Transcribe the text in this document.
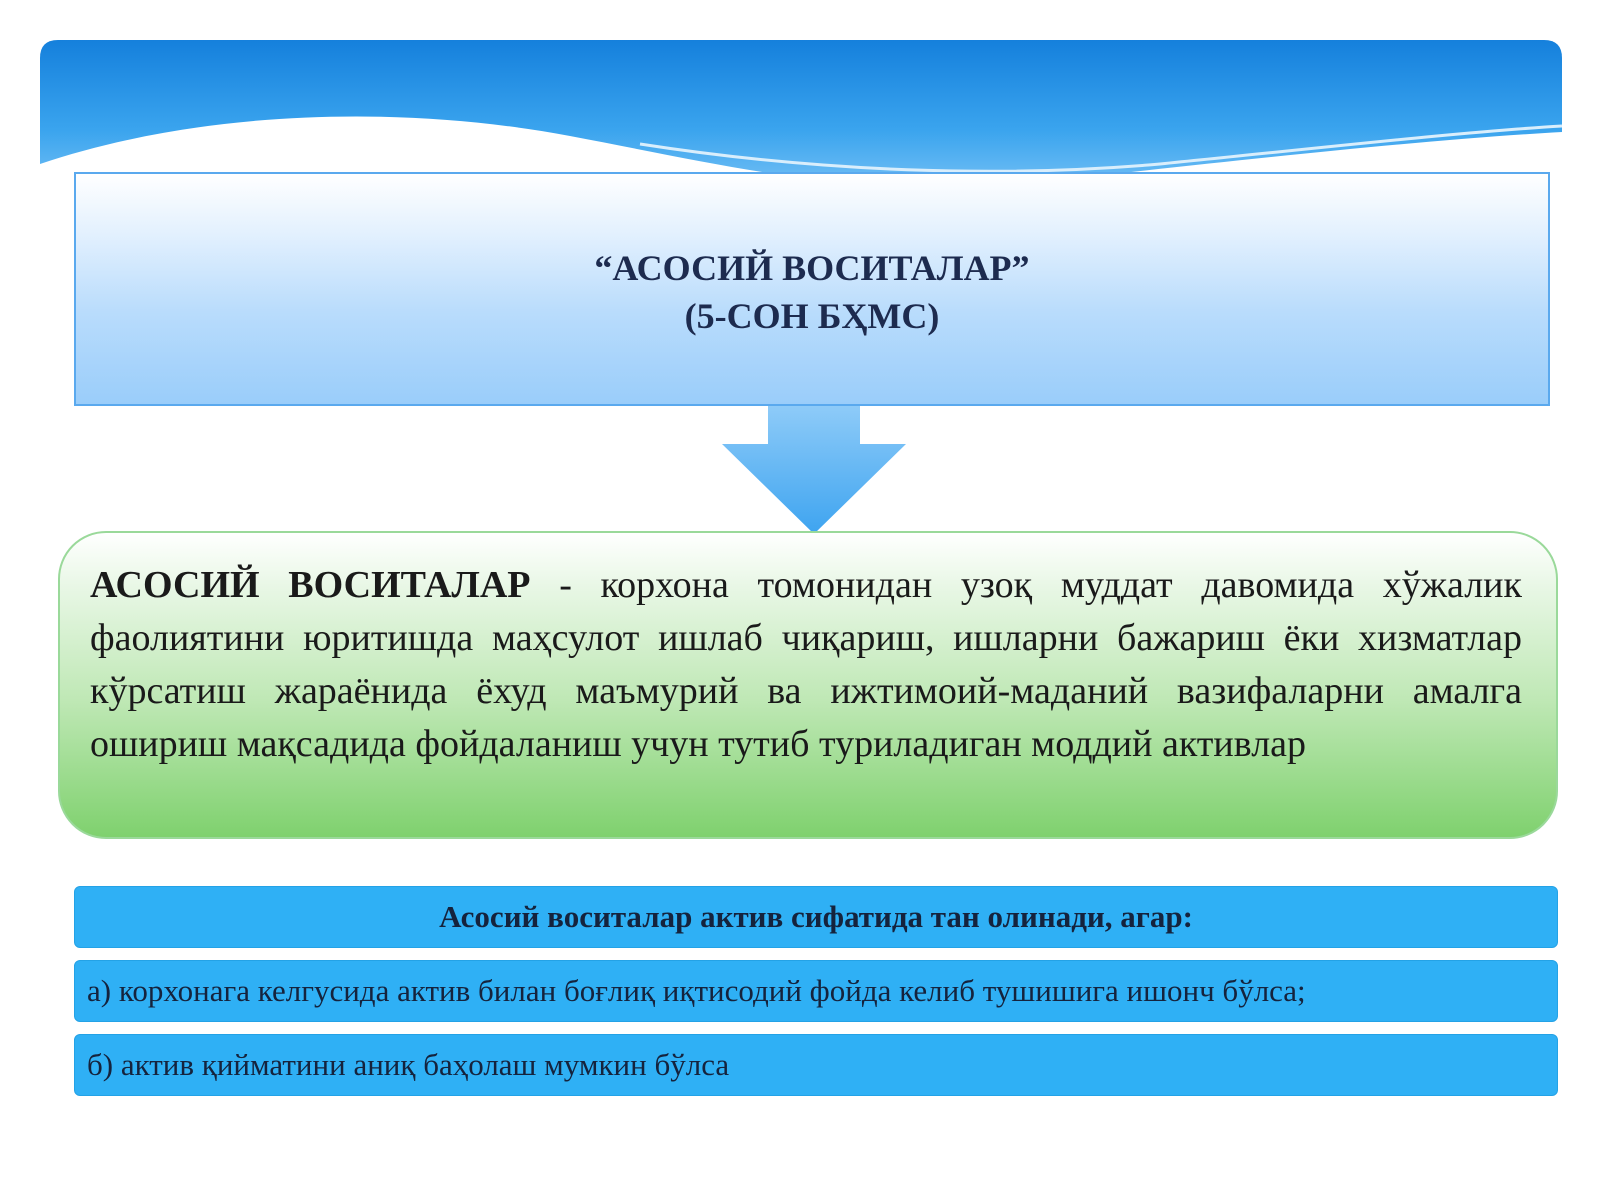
“АСОСИЙ ВОСИТАЛАР”
(5-СОН БҲМС)

АСОСИЙ ВОСИТАЛАР - корхона томонидан узоқ муддат давомида хўжалик фаолиятини юритишда маҳсулот ишлаб чиқариш, ишларни бажариш ёки хизматлар кўрсатиш жараёнида ёхуд маъмурий ва ижтимоий-маданий вазифаларни амалга ошириш мақсадида фойдаланиш учун тутиб туриладиган моддий активлар

Асосий воситалар актив сифатида тан олинади, агар:
а) корхонага келгусида актив билан боғлиқ иқтисодий фойда келиб тушишига ишонч бўлса;
б) актив қийматини аниқ баҳолаш мумкин бўлса
